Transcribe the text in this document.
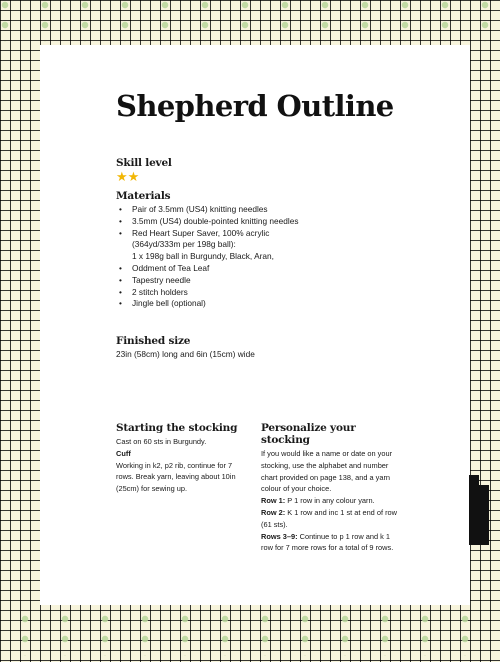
Shepherd Outline

Skill level

★★

Materials

• Pair of 3.5mm (US4) knitting needles
• 3.5mm (US4) double-pointed knitting needles
• Red Heart Super Saver, 100% acrylic
(364yd/333m per 198g ball):
1 x 198g ball in Burgundy, Black, Aran,
• Oddment of Tea Leaf
• Tapestry needle
• 2 stitch holders
• Jingle bell (optional)

Finished size

23in (58cm) long and 6in (15cm) wide

Starting the stocking

Cast on 60 sts in Burgundy.
Cuff
Working in k2, p2 rib, continue for 7 rows. Break yarn, leaving about 10in (25cm) for sewing up.

Personalize your stocking

If you would like a name or date on your stocking, use the alphabet and number chart provided on page 138, and a yarn colour of your choice.
Row 1: P 1 row in any colour yarn.
Row 2: K 1 row and inc 1 st at end of row (61 sts).
Rows 3–9: Continue to p 1 row and k 1 row for 7 more rows for a total of 9 rows.
